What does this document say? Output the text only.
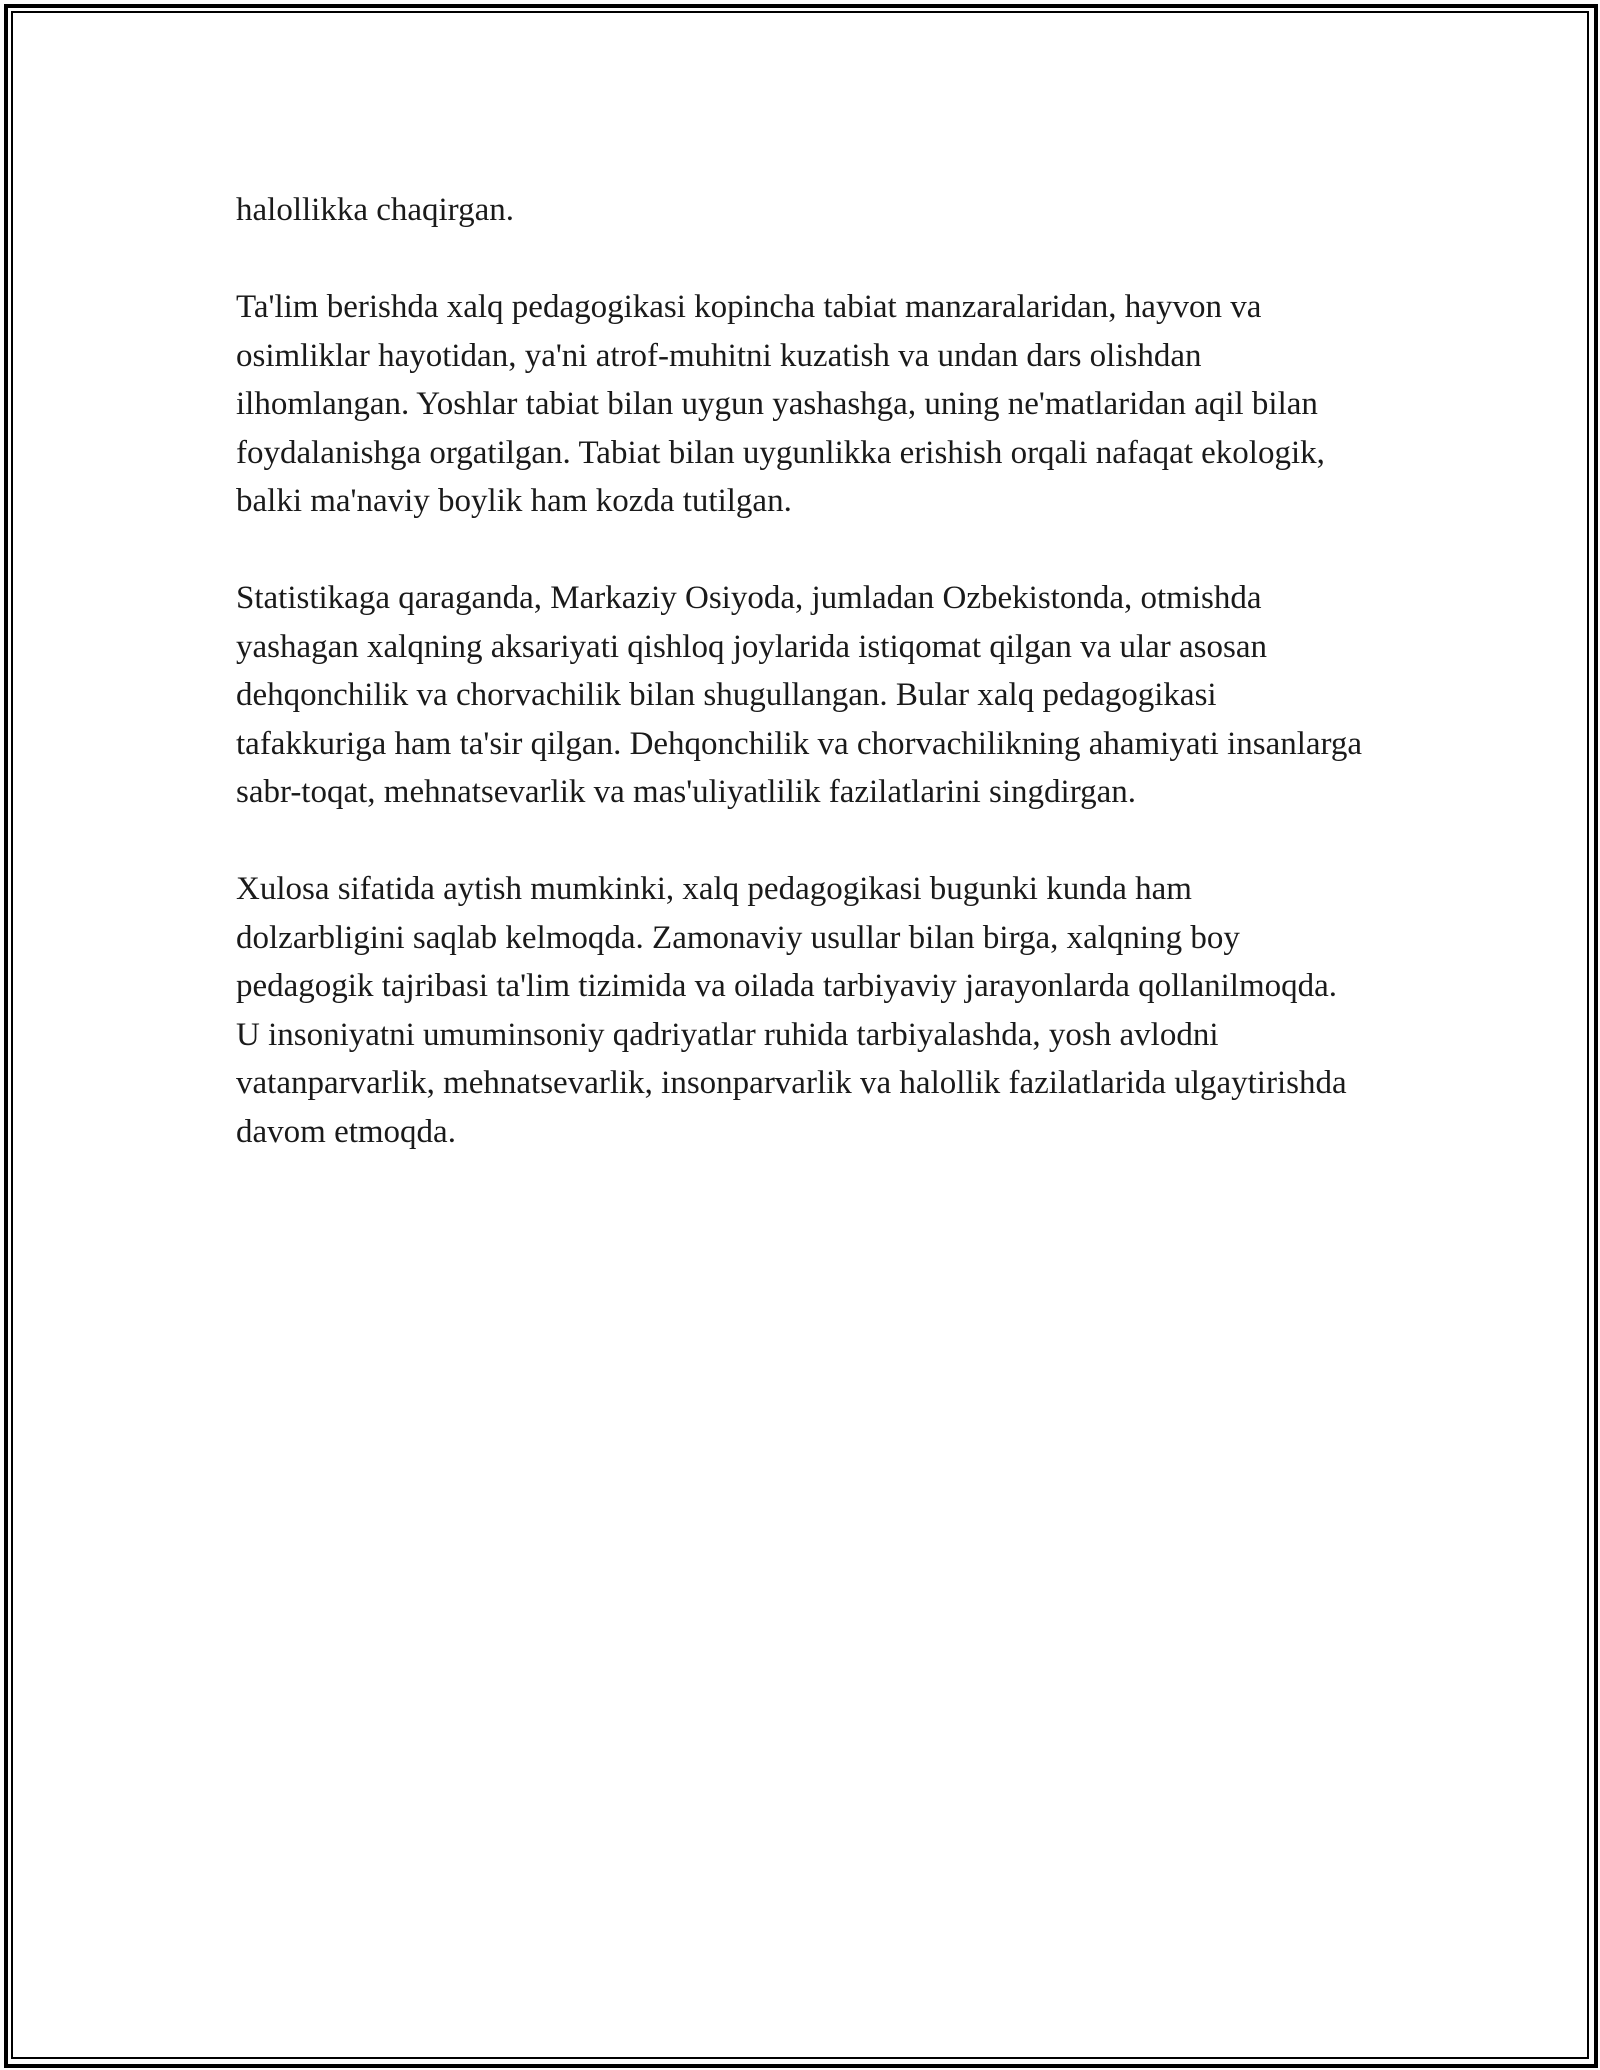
halollikka chaqirgan.

Ta'lim berishda xalq pedagogikasi kopincha tabiat manzaralaridan, hayvon va osimliklar hayotidan, ya'ni atrof-muhitni kuzatish va undan dars olishdan ilhomlangan. Yoshlar tabiat bilan uygun yashashga, uning ne'matlaridan aqil bilan foydalanishga orgatilgan. Tabiat bilan uygunlikka erishish orqali nafaqat ekologik, balki ma'naviy boylik ham kozda tutilgan.

Statistikaga qaraganda, Markaziy Osiyoda, jumladan Ozbekistonda, otmishda yashagan xalqning aksariyati qishloq joylarida istiqomat qilgan va ular asosan dehqonchilik va chorvachilik bilan shugullangan. Bular xalq pedagogikasi tafakkuriga ham ta'sir qilgan. Dehqonchilik va chorvachilikning ahamiyati insanlarga sabr-toqat, mehnatsevarlik va mas'uliyatlilik fazilatlarini singdirgan.

Xulosa sifatida aytish mumkinki, xalq pedagogikasi bugunki kunda ham dolzarbligini saqlab kelmoqda. Zamonaviy usullar bilan birga, xalqning boy pedagogik tajribasi ta'lim tizimida va oilada tarbiyaviy jarayonlarda qollanilmoqda. U insoniyatni umuminsoniy qadriyatlar ruhida tarbiyalashda, yosh avlodni vatanparvarlik, mehnatsevarlik, insonparvarlik va halollik fazilatlarida ulgaytirishda davom etmoqda.
